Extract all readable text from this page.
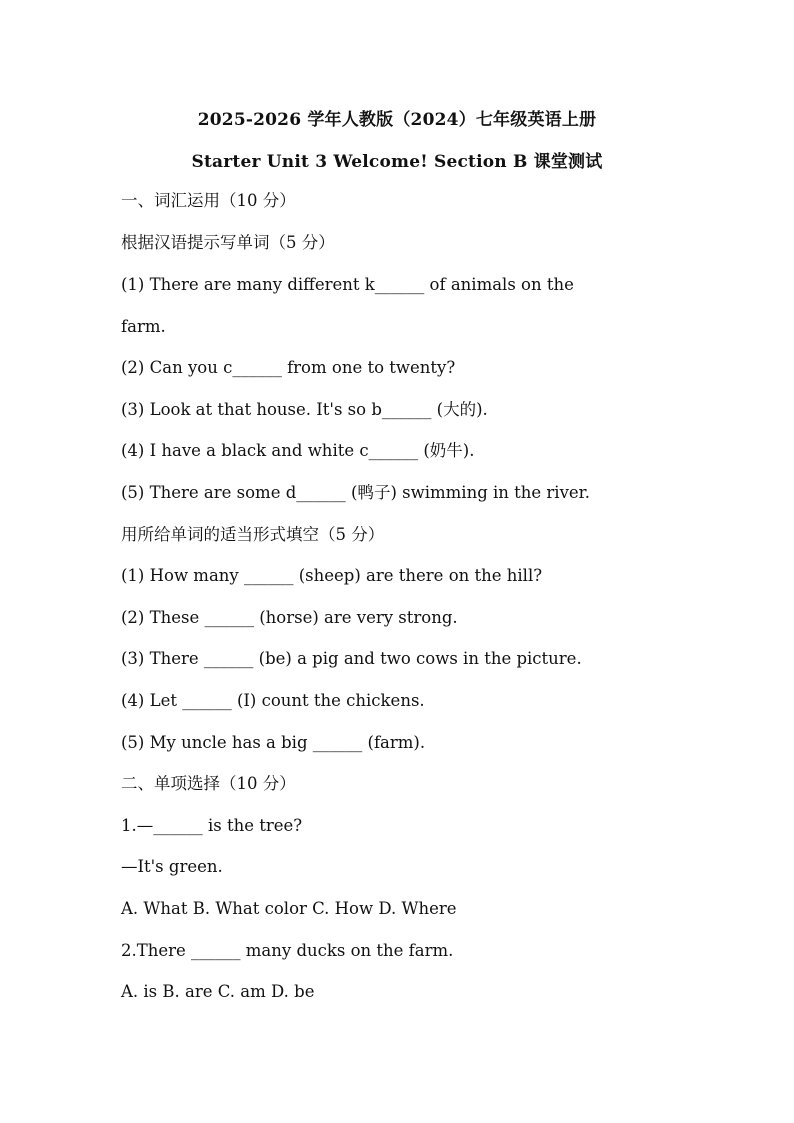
2025-2026 学年人教版（2024）七年级英语上册
Starter Unit 3 Welcome! Section B 课堂测试
一、词汇运用（10 分）
根据汉语提示写单词（5 分）
(1) There are many different k______ of animals on the
farm.
(2) Can you c______ from one to twenty?
(3) Look at that house. It's so b______ (大的).
(4) I have a black and white c______ (奶牛).
(5) There are some d______ (鸭子) swimming in the river.
用所给单词的适当形式填空（5 分）
(1) How many ______ (sheep) are there on the hill?
(2) These ______ (horse) are very strong.
(3) There ______ (be) a pig and two cows in the picture.
(4) Let ______ (I) count the chickens.
(5) My uncle has a big ______ (farm).
二、单项选择（10 分）
1.—______ is the tree?
—It's green.
A. What B. What color C. How D. Where
2.There ______ many ducks on the farm.
A. is B. are C. am D. be
